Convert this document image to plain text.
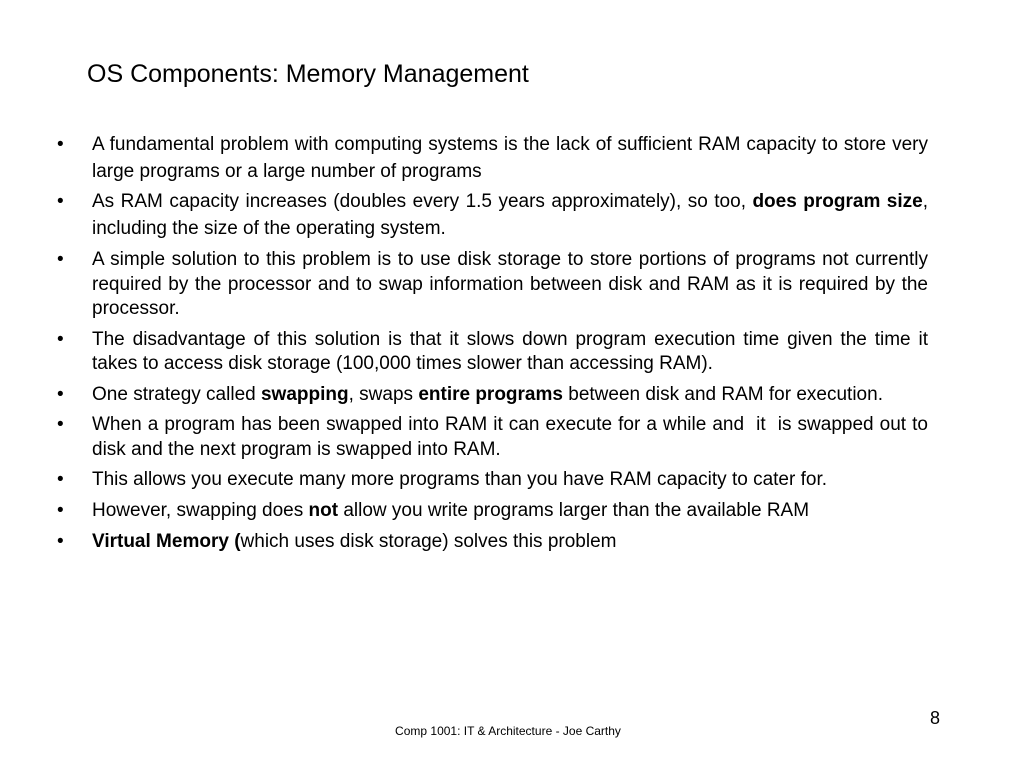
OS Components: Memory Management
•	A fundamental problem with computing systems is the lack of sufficient RAM capacity to store very large programs or a large number of programs
•	As RAM capacity increases (doubles every 1.5 years approximately), so too, does program size, including the size of the operating system.
•	A simple solution to this problem is to use disk storage to store portions of programs not currently required by the processor and to swap information between disk and RAM as it is required by the processor.
•	The disadvantage of this solution is that it slows down program execution time given the time it takes to access disk storage (100,000 times slower than accessing RAM).
•	One strategy called swapping, swaps entire programs between disk and RAM for execution.
•	When a program has been swapped into RAM it can execute for a while and  it  is swapped out to disk and the next program is swapped into RAM.
•	This allows you execute many more programs than you have RAM capacity to cater for.
•	However, swapping does not allow you write programs larger than the available RAM
•	Virtual Memory (which uses disk storage) solves this problem
8
Comp 1001: IT & Architecture - Joe Carthy
